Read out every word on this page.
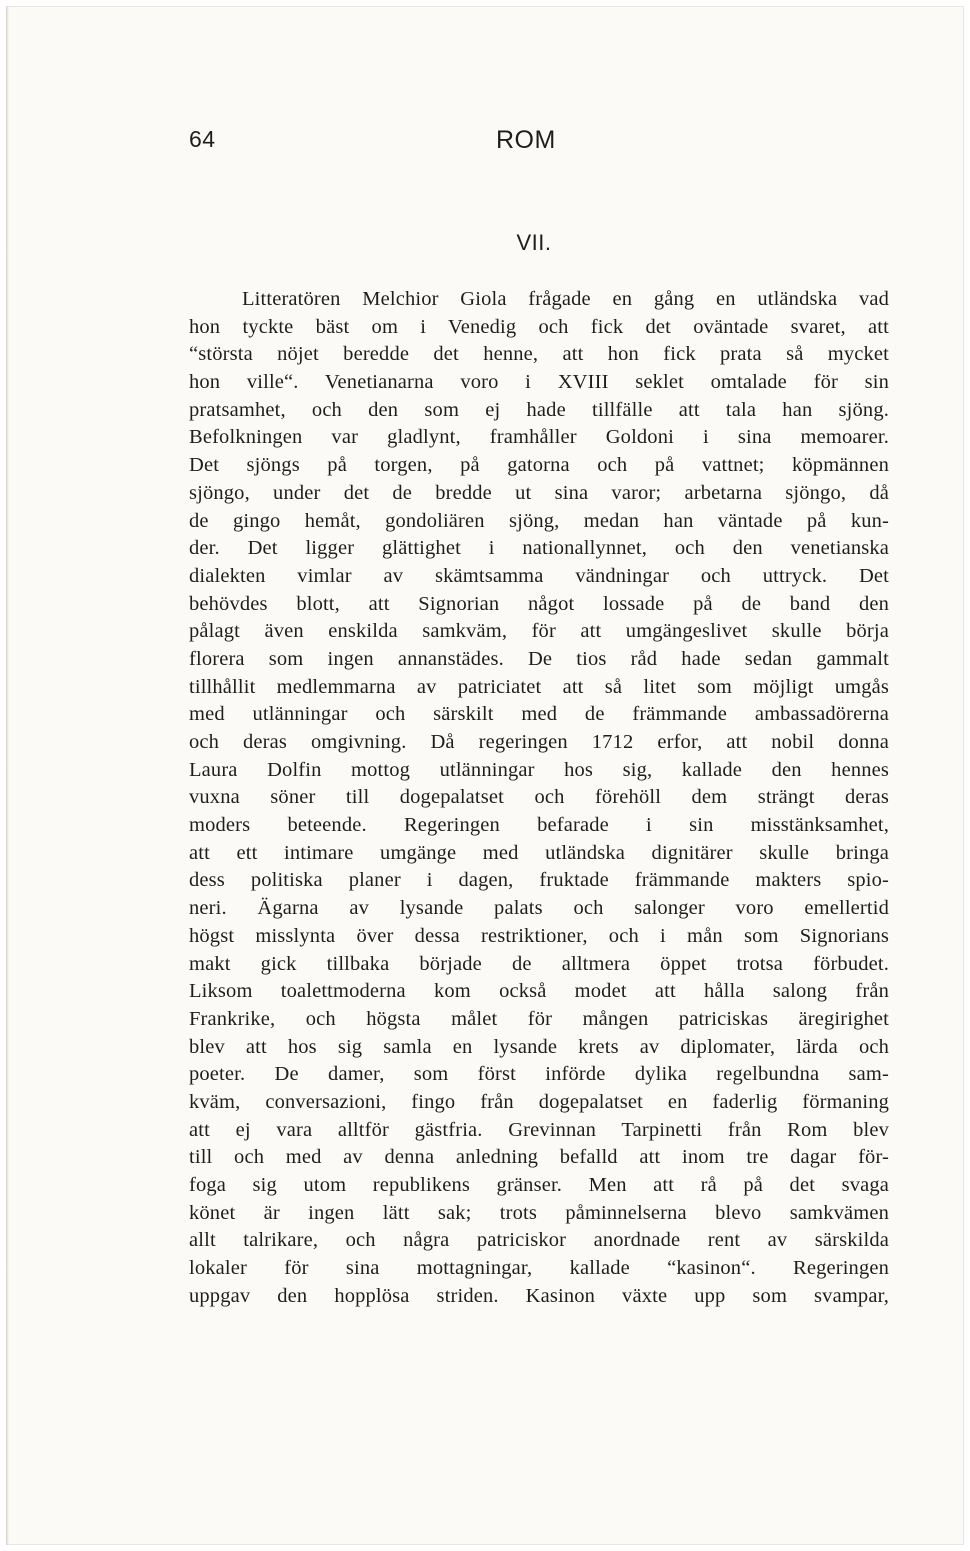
64	ROM
VII.
Litteratören Melchior Giola frågade en gång en utländska vad
hon tyckte bäst om i Venedig och fick det oväntade svaret, att
“största nöjet beredde det henne, att hon fick prata så mycket
hon ville“. Venetianarna voro i XVIII seklet omtalade för sin
pratsamhet, och den som ej hade tillfälle att tala han sjöng.
Befolkningen var gladlynt, framhåller Goldoni i sina memoarer.
Det sjöngs på torgen, på gatorna och på vattnet; köpmännen
sjöngo, under det de bredde ut sina varor; arbetarna sjöngo, då
de gingo hemåt, gondoliären sjöng, medan han väntade på kun-
der. Det ligger glättighet i nationallynnet, och den venetianska
dialekten vimlar av skämtsamma vändningar och uttryck. Det
behövdes blott, att Signorian något lossade på de band den
pålagt även enskilda samkväm, för att umgängeslivet skulle börja
florera som ingen annanstädes. De tios råd hade sedan gammalt
tillhållit medlemmarna av patriciatet att så litet som möjligt umgås
med utlänningar och särskilt med de främmande ambassadörerna
och deras omgivning. Då regeringen 1712 erfor, att nobil donna
Laura Dolfin mottog utlänningar hos sig, kallade den hennes
vuxna söner till dogepalatset och förehöll dem strängt deras
moders beteende. Regeringen befarade i sin misstänksamhet,
att ett intimare umgänge med utländska dignitärer skulle bringa
dess politiska planer i dagen, fruktade främmande makters spio-
neri. Ägarna av lysande palats och salonger voro emellertid
högst misslynta över dessa restriktioner, och i mån som Signorians
makt gick tillbaka började de alltmera öppet trotsa förbudet.
Liksom toalettmoderna kom också modet att hålla salong från
Frankrike, och högsta målet för mången patriciskas äregirighet
blev att hos sig samla en lysande krets av diplomater, lärda och
poeter. De damer, som först införde dylika regelbundna sam-
kväm, conversazioni, fingo från dogepalatset en faderlig förmaning
att ej vara alltför gästfria. Grevinnan Tarpinetti från Rom blev
till och med av denna anledning befalld att inom tre dagar för-
foga sig utom republikens gränser. Men att rå på det svaga
könet är ingen lätt sak; trots påminnelserna blevo samkvämen
allt talrikare, och några patriciskor anordnade rent av särskilda
lokaler för sina mottagningar, kallade “kasinon“. Regeringen
uppgav den hopplösa striden. Kasinon växte upp som svampar,
